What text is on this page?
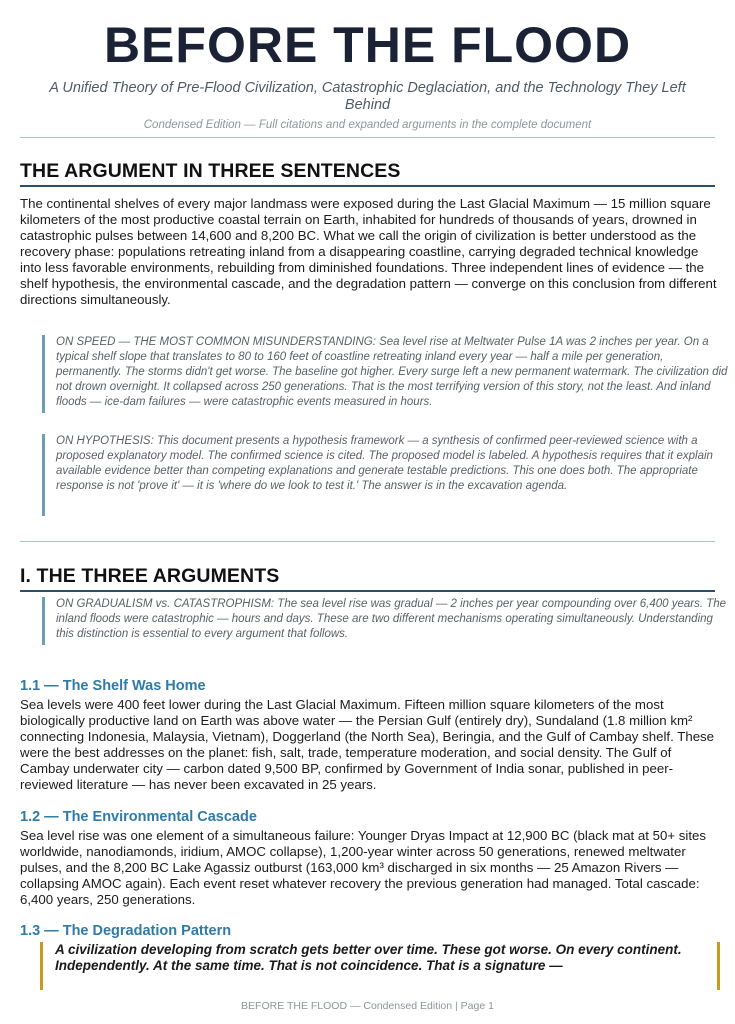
BEFORE THE FLOOD
A Unified Theory of Pre-Flood Civilization, Catastrophic Deglaciation, and the Technology They Left Behind
Condensed Edition — Full citations and expanded arguments in the complete document
THE ARGUMENT IN THREE SENTENCES

The continental shelves of every major landmass were exposed during the Last Glacial Maximum — 15 million square kilometers of the most productive coastal terrain on Earth, inhabited for hundreds of thousands of years, drowned in catastrophic pulses between 14,600 and 8,200 BC. What we call the origin of civilization is better understood as the recovery phase: populations retreating inland from a disappearing coastline, carrying degraded technical knowledge into less favorable environments, rebuilding from diminished foundations. Three independent lines of evidence — the shelf hypothesis, the environmental cascade, and the degradation pattern — converge on this conclusion from different directions simultaneously.

ON SPEED — THE MOST COMMON MISUNDERSTANDING: Sea level rise at Meltwater Pulse 1A was 2 inches per year. On a typical shelf slope that translates to 80 to 160 feet of coastline retreating inland every year — half a mile per generation, permanently. The storms didn't get worse. The baseline got higher. Every surge left a new permanent watermark. The civilization did not drown overnight. It collapsed across 250 generations. That is the most terrifying version of this story, not the least. And inland floods — ice-dam failures — were catastrophic events measured in hours.
ON HYPOTHESIS: This document presents a hypothesis framework — a synthesis of confirmed peer-reviewed science with a proposed explanatory model. The confirmed science is cited. The proposed model is labeled. A hypothesis requires that it explain available evidence better than competing explanations and generate testable predictions. This one does both. The appropriate response is not 'prove it' — it is 'where do we look to test it.' The answer is in the excavation agenda.
I. THE THREE ARGUMENTS
ON GRADUALISM vs. CATASTROPHISM: The sea level rise was gradual — 2 inches per year compounding over 6,400 years. The inland floods were catastrophic — hours and days. These are two different mechanisms operating simultaneously. Understanding this distinction is essential to every argument that follows.
1.1 — The Shelf Was Home

Sea levels were 400 feet lower during the Last Glacial Maximum. Fifteen million square kilometers of the most biologically productive land on Earth was above water — the Persian Gulf (entirely dry), Sundaland (1.8 million km² connecting Indonesia, Malaysia, Vietnam), Doggerland (the North Sea), Beringia, and the Gulf of Cambay shelf. These were the best addresses on the planet: fish, salt, trade, temperature moderation, and social density. The Gulf of Cambay underwater city — carbon dated 9,500 BP, confirmed by Government of India sonar, published in peer-reviewed literature — has never been excavated in 25 years.

1.2 — The Environmental Cascade

Sea level rise was one element of a simultaneous failure: Younger Dryas Impact at 12,900 BC (black mat at 50+ sites worldwide, nanodiamonds, iridium, AMOC collapse), 1,200-year winter across 50 generations, renewed meltwater pulses, and the 8,200 BC Lake Agassiz outburst (163,000 km³ discharged in six months — 25 Amazon Rivers — collapsing AMOC again). Each event reset whatever recovery the previous generation had managed. Total cascade: 6,400 years, 250 generations.

1.3 — The Degradation Pattern
A civilization developing from scratch gets better over time. These got worse. On every continent. Independently. At the same time. That is not coincidence. That is a signature —
BEFORE THE FLOOD — Condensed Edition | Page 1
